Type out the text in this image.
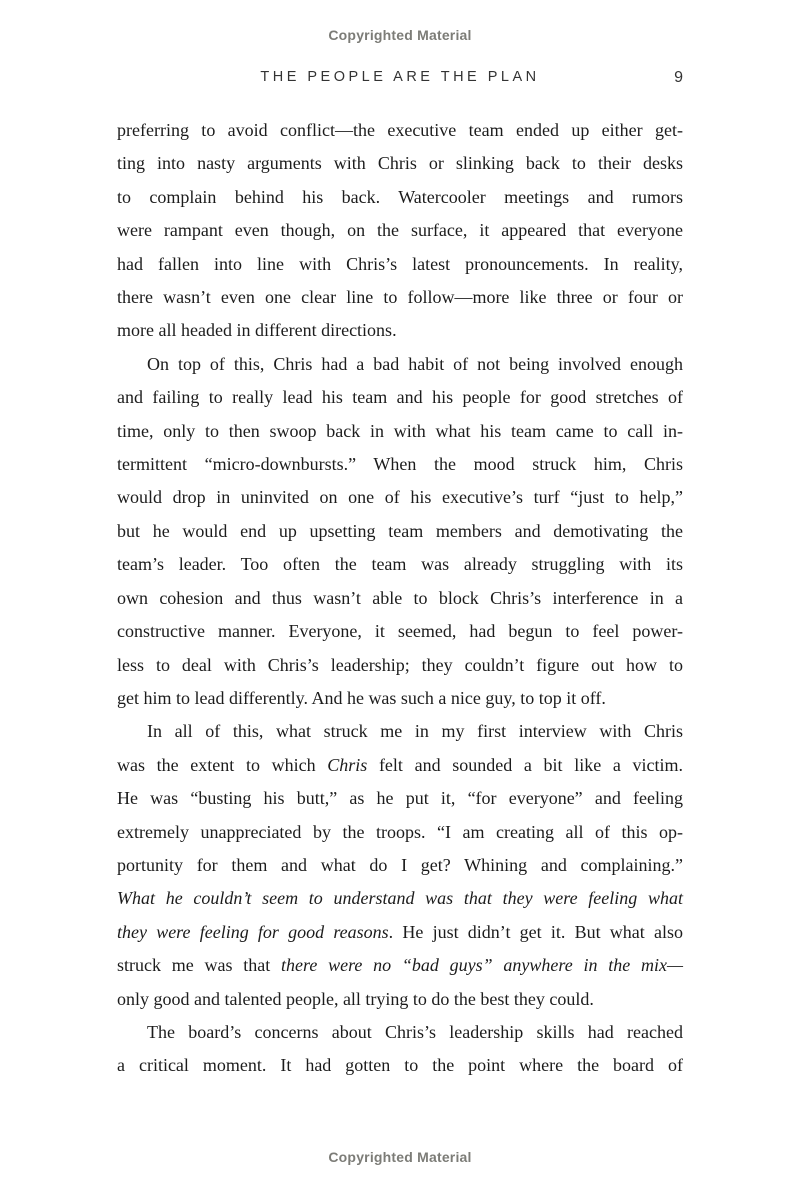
Copyrighted Material
THE PEOPLE ARE THE PLAN	9
preferring to avoid conflict—the executive team ended up either get-
ting into nasty arguments with Chris or slinking back to their desks
to complain behind his back. Watercooler meetings and rumors
were rampant even though, on the surface, it appeared that everyone
had fallen into line with Chris’s latest pronouncements. In reality,
there wasn’t even one clear line to follow—more like three or four or
more all headed in different directions.
On top of this, Chris had a bad habit of not being involved enough
and failing to really lead his team and his people for good stretches of
time, only to then swoop back in with what his team came to call in-
termittent “micro-downbursts.” When the mood struck him, Chris
would drop in uninvited on one of his executive’s turf “just to help,”
but he would end up upsetting team members and demotivating the
team’s leader. Too often the team was already struggling with its
own cohesion and thus wasn’t able to block Chris’s interference in a
constructive manner. Everyone, it seemed, had begun to feel power-
less to deal with Chris’s leadership; they couldn’t figure out how to
get him to lead differently. And he was such a nice guy, to top it off.
In all of this, what struck me in my first interview with Chris
was the extent to which Chris felt and sounded a bit like a victim.
He was “busting his butt,” as he put it, “for everyone” and feeling
extremely unappreciated by the troops. “I am creating all of this op-
portunity for them and what do I get? Whining and complaining.”
What he couldn’t seem to understand was that they were feeling what
they were feeling for good reasons. He just didn’t get it. But what also
struck me was that there were no “bad guys” anywhere in the mix—
only good and talented people, all trying to do the best they could.
The board’s concerns about Chris’s leadership skills had reached
a critical moment. It had gotten to the point where the board of
Copyrighted Material
